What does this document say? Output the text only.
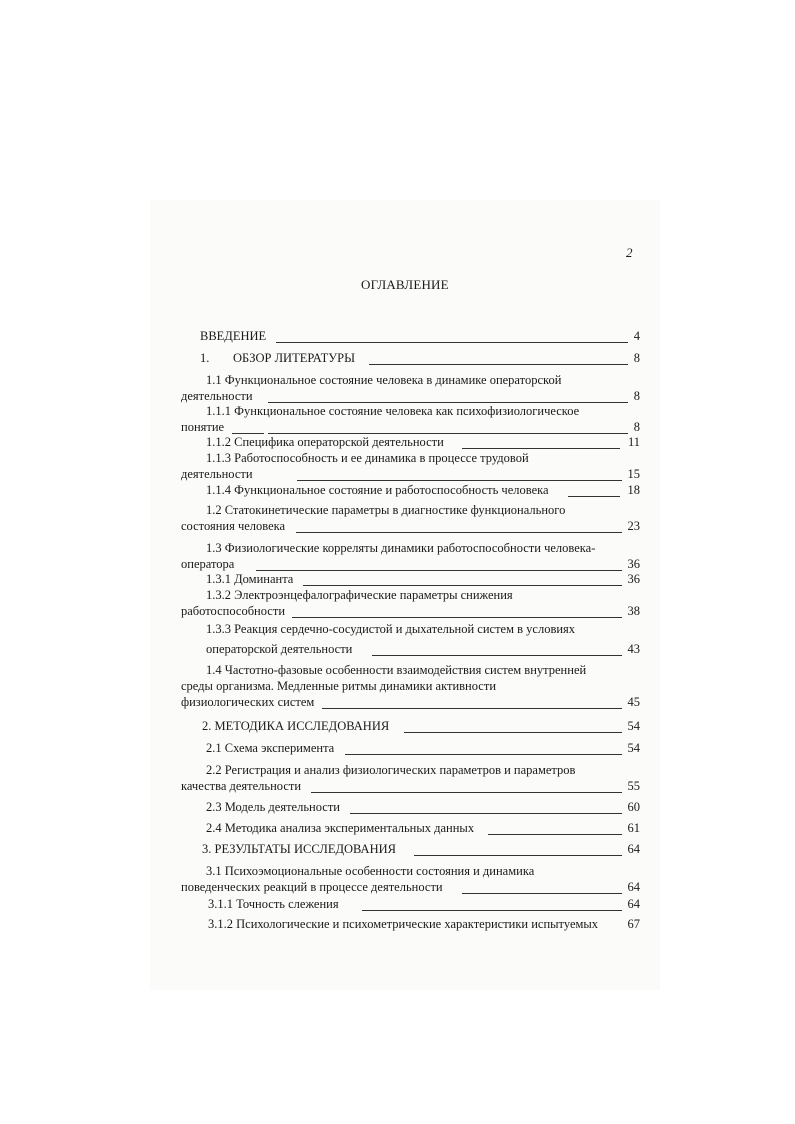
2
ОГЛАВЛЕНИЕ
ВВЕДЕНИЕ	4
1. ОБЗОР ЛИТЕРАТУРЫ	8
1.1 Функциональное состояние человека в динамике операторской
деятельности	8
1.1.1 Функциональное состояние человека как психофизиологическое
понятие	8
1.1.2 Специфика операторской деятельности	11
1.1.3 Работоспособность и ее динамика в процессе трудовой
деятельности	15
1.1.4 Функциональное состояние и работоспособность человека	18
1.2 Статокинетические параметры в диагностике функционального
состояния человека	23
1.3 Физиологические корреляты динамики работоспособности человека-
оператора	36
1.3.1 Доминанта	36
1.3.2 Электроэнцефалографические параметры снижения
работоспособности	38
1.3.3 Реакция сердечно-сосудистой и дыхательной систем в условиях
операторской деятельности	43
1.4 Частотно-фазовые особенности взаимодействия систем внутренней
среды организма. Медленные ритмы динамики активности
физиологических систем	45
2. МЕТОДИКА ИССЛЕДОВАНИЯ	54
2.1 Схема эксперимента	54
2.2 Регистрация и анализ физиологических параметров и параметров
качества деятельности	55
2.3 Модель деятельности	60
2.4 Методика анализа экспериментальных данных	61
3. РЕЗУЛЬТАТЫ ИССЛЕДОВАНИЯ	64
3.1 Психоэмоциональные особенности состояния и динамика
поведенческих реакций в процессе деятельности	64
3.1.1 Точность слежения	64
3.1.2 Психологические и психометрические характеристики испытуемых	67
